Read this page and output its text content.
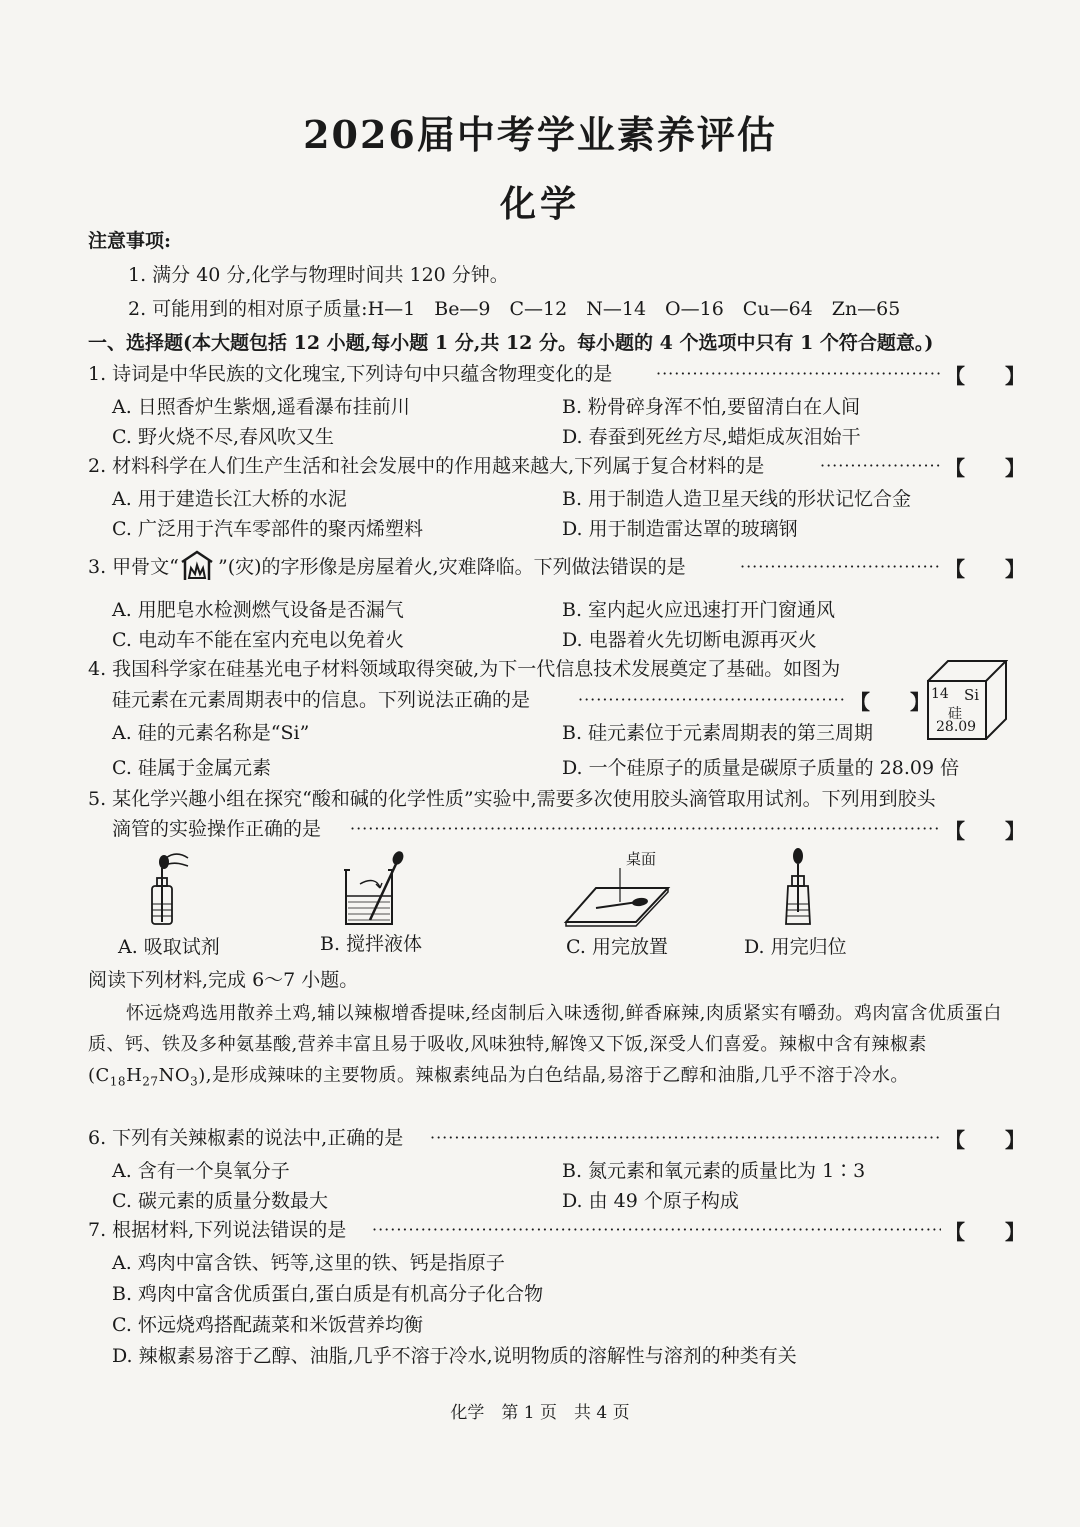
2026届中考学业素养评估
化学
注意事项:
1. 满分 40 分,化学与物理时间共 120 分钟。
2. 可能用到的相对原子质量:H—1　Be—9　C—12　N—14　O—16　Cu—64　Zn—65
一、选择题(本大题包括 12 小题,每小题 1 分,共 12 分。每小题的 4 个选项中只有 1 个符合题意。)
1. 诗词是中华民族的文化瑰宝,下列诗句中只蕴含物理变化的是 ·····	【　　】
A. 日照香炉生紫烟,遥看瀑布挂前川	B. 粉骨碎身浑不怕,要留清白在人间
C. 野火烧不尽,春风吹又生	D. 春蚕到死丝方尽,蜡炬成灰泪始干
2. 材料科学在人们生产生活和社会发展中的作用越来越大,下列属于复合材料的是 ·····	【　　】
A. 用于建造长江大桥的水泥	B. 用于制造人造卫星天线的形状记忆合金
C. 广泛用于汽车零部件的聚丙烯塑料	D. 用于制造雷达罩的玻璃钢
3. 甲骨文“ ”(灾)的字形像是房屋着火,灾难降临。下列做法错误的是 ·····	【　　】
A. 用肥皂水检测燃气设备是否漏气	B. 室内起火应迅速打开门窗通风
C. 电动车不能在室内充电以免着火	D. 电器着火先切断电源再灭火
4. 我国科学家在硅基光电子材料领域取得突破,为下一代信息技术发展奠定了基础。如图为
硅元素在元素周期表中的信息。下列说法正确的是 ·····	【　　】
A. 硅的元素名称是“Si”	B. 硅元素位于元素周期表的第三周期
C. 硅属于金属元素	D. 一个硅原子的质量是碳原子质量的 28.09 倍
14 Si
硅
28.09
5. 某化学兴趣小组在探究“酸和碱的化学性质”实验中,需要多次使用胶头滴管取用试剂。下列用到胶头
滴管的实验操作正确的是 ·····	【　　】
桌面
A. 吸取试剂	B. 搅拌液体	C. 用完放置	D. 用完归位
阅读下列材料,完成 6～7 小题。
怀远烧鸡选用散养土鸡,辅以辣椒增香提味,经卤制后入味透彻,鲜香麻辣,肉质紧实有嚼劲。鸡肉富含优质蛋白质、钙、铁及多种氨基酸,营养丰富且易于吸收,风味独特,解馋又下饭,深受人们喜爱。辣椒中含有辣椒素$(C_{18}H_{27}NO_3)$,是形成辣味的主要物质。辣椒素纯品为白色结晶,易溶于乙醇和油脂,几乎不溶于冷水。
6. 下列有关辣椒素的说法中,正确的是 ·····	【　　】
A. 含有一个臭氧分子	B. 氮元素和氧元素的质量比为 1∶3
C. 碳元素的质量分数最大	D. 由 49 个原子构成
7. 根据材料,下列说法错误的是 ·····	【　　】
A. 鸡肉中富含铁、钙等,这里的铁、钙是指原子
B. 鸡肉中富含优质蛋白,蛋白质是有机高分子化合物
C. 怀远烧鸡搭配蔬菜和米饭营养均衡
D. 辣椒素易溶于乙醇、油脂,几乎不溶于冷水,说明物质的溶解性与溶剂的种类有关
化学　第 1 页　共 4 页
